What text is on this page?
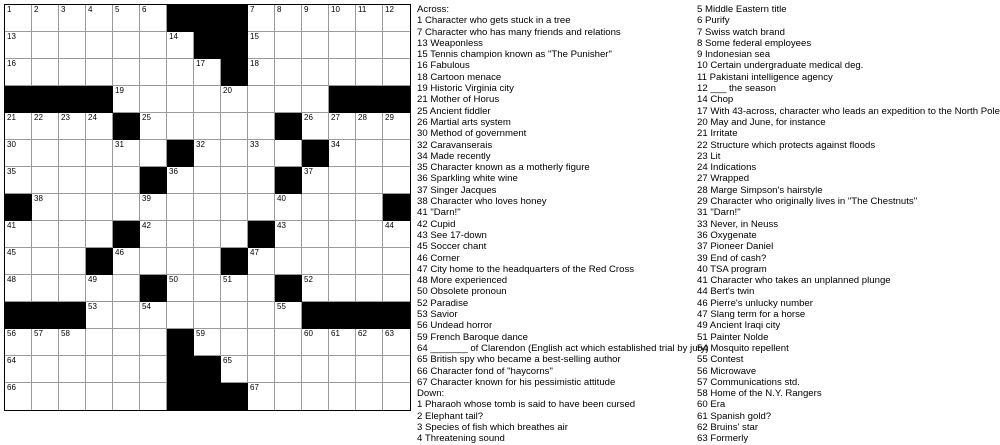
1	2	3	4	5	6	7	8	9	10 11 12
13	14	15
16	17	18
19	20
21 22 23 24	25	26 27 28 29
30	31	32	33	34
35	36	37
38	39	40
41	42	43	44
45	46	47
48	49	50	51	52
53	54	55
56 57 58	59	60 61 62 63
64	65
66	67
Across:
1 Character who gets stuck in a tree
7 Character who has many friends and relations
13 Weaponless
15 Tennis champion known as "The Punisher"
16 Fabulous
18 Cartoon menace
19 Historic Virginia city
21 Mother of Horus
25 Ancient fiddler
26 Martial arts system
30 Method of government
32 Caravanserais
34 Made recently
35 Character known as a motherly figure
36 Sparkling white wine
37 Singer Jacques
38 Character who loves honey
41 "Darn!"
42 Cupid
43 See 17-down
45 Soccer chant
46 Corner
47 City home to the headquarters of the Red Cross
48 More experienced
50 Obsolete pronoun
52 Paradise
53 Savior
56 Undead horror
59 French Baroque dance
64 _______ of Clarendon (English act which established trial by jury)
65 British spy who became a best-selling author
66 Character fond of "haycorns"
67 Character known for his pessimistic attitude
Down:
1 Pharaoh whose tomb is said to have been cursed
2 Elephant tail?
3 Species of fish which breathes air
4 Threatening sound
5 Middle Eastern title
6 Purify
7 Swiss watch brand
8 Some federal employees
9 Indonesian sea
10 Certain undergraduate medical deg.
11 Pakistani intelligence agency
12 ___ the season
14 Chop
17 With 43-across, character who leads an expedition to the North Pole
20 May and June, for instance
21 Irritate
22 Structure which protects against floods
23 Lit
24 Indications
27 Wrapped
28 Marge Simpson's hairstyle
29 Character who originally lives in "The Chestnuts"
31 "Darn!"
33 Never, in Neuss
36 Oxygenate
37 Pioneer Daniel
39 End of cash?
40 TSA program
41 Character who takes an unplanned plunge
44 Bert's twin
46 Pierre's unlucky number
47 Slang term for a horse
49 Ancient Iraqi city
51 Painter Nolde
54 Mosquito repellent
55 Contest
56 Microwave
57 Communications std.
58 Home of the N.Y. Rangers
60 Era
61 Spanish gold?
62 Bruins' star
63 Formerly
